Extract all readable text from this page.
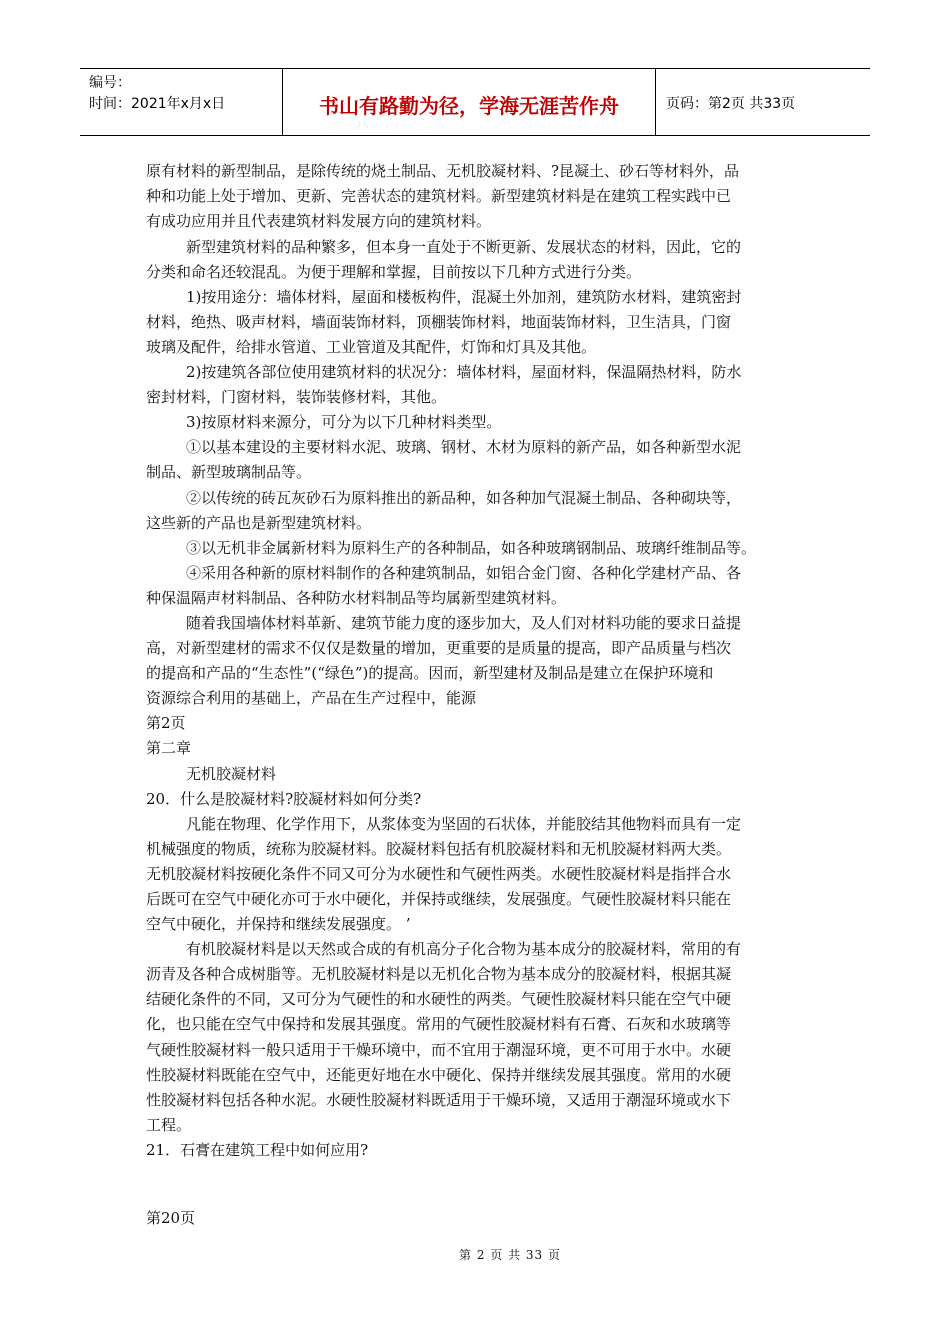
编号：
时间：2021年x月x日	书山有路勤为径，学海无涯苦作舟	页码：第2页 共33页
原有材料的新型制品，是除传统的烧土制品、无机胶凝材料、?昆凝土、砂石等材料外，品
种和功能上处于增加、更新、完善状态的建筑材料。新型建筑材料是在建筑工程实践中已
有成功应用并且代表建筑材料发展方向的建筑材料。
新型建筑材料的品种繁多，但本身一直处于不断更新、发展状态的材料，因此，它的
分类和命名还较混乱。为便于理解和掌握，目前按以下几种方式进行分类。
1)按用途分：墙体材料，屋面和楼板构件，混凝土外加剂，建筑防水材料，建筑密封
材料，绝热、吸声材料，墙面装饰材料，顶棚装饰材料，地面装饰材料，卫生洁具，门窗
玻璃及配件，给排水管道、工业管道及其配件，灯饰和灯具及其他。
2)按建筑各部位使用建筑材料的状况分：墙体材料，屋面材料，保温隔热材料，防水
密封材料，门窗材料，装饰装修材料，其他。
3)按原材料来源分，可分为以下几种材料类型。
①以基本建设的主要材料水泥、玻璃、钢材、木材为原料的新产品，如各种新型水泥
制品、新型玻璃制品等。
②以传统的砖瓦灰砂石为原料推出的新品种，如各种加气混凝土制品、各种砌块等，
这些新的产品也是新型建筑材料。
③以无机非金属新材料为原料生产的各种制品，如各种玻璃钢制品、玻璃纤维制品等。
④采用各种新的原材料制作的各种建筑制品，如铝合金门窗、各种化学建材产品、各
种保温隔声材料制品、各种防水材料制品等均属新型建筑材料。
随着我国墙体材料革新、建筑节能力度的逐步加大，及人们对材料功能的要求日益提
高，对新型建材的需求不仅仅是数量的增加，更重要的是质量的提高，即产品质量与档次
的提高和产品的“生态性”(“绿色”)的提高。因而，新型建材及制品是建立在保护环境和
资源综合利用的基础上，产品在生产过程中，能源
第2页
第二章
无机胶凝材料
20．什么是胶凝材料?胶凝材料如何分类?
凡能在物理、化学作用下，从浆体变为坚固的石状体，并能胶结其他物料而具有一定
机械强度的物质，统称为胶凝材料。胶凝材料包括有机胶凝材料和无机胶凝材料两大类。
无机胶凝材料按硬化条件不同又可分为水硬性和气硬性两类。水硬性胶凝材料是指拌合水
后既可在空气中硬化亦可于水中硬化，并保持或继续，发展强度。气硬性胶凝材料只能在
空气中硬化，并保持和继续发展强度。 ’
有机胶凝材料是以天然或合成的有机高分子化合物为基本成分的胶凝材料，常用的有
沥青及各种合成树脂等。无机胶凝材料是以无机化合物为基本成分的胶凝材料，根据其凝
结硬化条件的不同，又可分为气硬性的和水硬性的两类。气硬性胶凝材料只能在空气中硬
化，也只能在空气中保持和发展其强度。常用的气硬性胶凝材料有石膏、石灰和水玻璃等
气硬性胶凝材料一般只适用于干燥环境中，而不宜用于潮湿环境，更不可用于水中。水硬
性胶凝材料既能在空气中，还能更好地在水中硬化、保持并继续发展其强度。常用的水硬
性胶凝材料包括各种水泥。水硬性胶凝材料既适用于干燥环境，又适用于潮湿环境或水下
工程。
21．石膏在建筑工程中如何应用?
第20页
第 2 页 共 33 页
